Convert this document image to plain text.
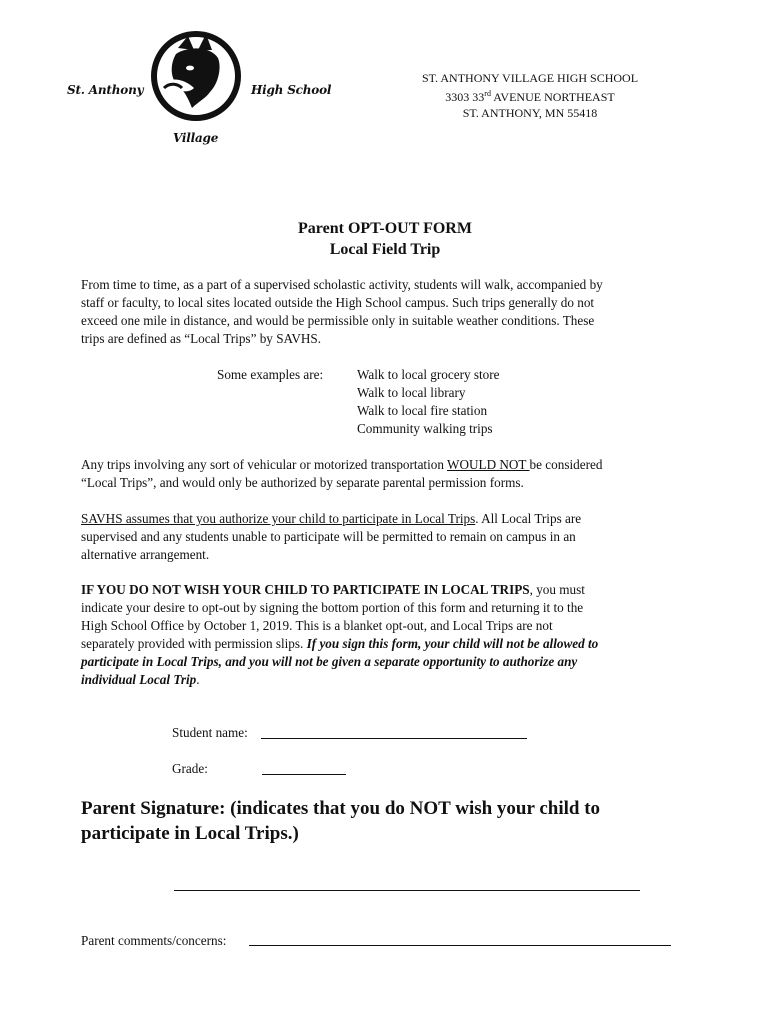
St. Anthony	High School
Village
ST. ANTHONY VILLAGE HIGH SCHOOL
3303 33rd AVENUE NORTHEAST
ST. ANTHONY, MN 55418
Parent OPT-OUT FORM
Local Field Trip
From time to time, as a part of a supervised scholastic activity, students will walk, accompanied by
staff or faculty, to local sites located outside the High School campus. Such trips generally do not
exceed one mile in distance, and would be permissible only in suitable weather conditions. These
trips are defined as “Local Trips” by SAVHS.
Some examples are:	Walk to local grocery store
Walk to local library
Walk to local fire station
Community walking trips
Any trips involving any sort of vehicular or motorized transportation WOULD NOT be considered
“Local Trips”, and would only be authorized by separate parental permission forms.
SAVHS assumes that you authorize your child to participate in Local Trips. All Local Trips are
supervised and any students unable to participate will be permitted to remain on campus in an
alternative arrangement.
IF YOU DO NOT WISH YOUR CHILD TO PARTICIPATE IN LOCAL TRIPS, you must
indicate your desire to opt-out by signing the bottom portion of this form and returning it to the
High School Office by October 1, 2019. This is a blanket opt-out, and Local Trips are not
separately provided with permission slips. If you sign this form, your child will not be allowed to
participate in Local Trips, and you will not be given a separate opportunity to authorize any
individual Local Trip.
Student name:
Grade:
Parent Signature: (indicates that you do NOT wish your child to
participate in Local Trips.)
Parent comments/concerns:
